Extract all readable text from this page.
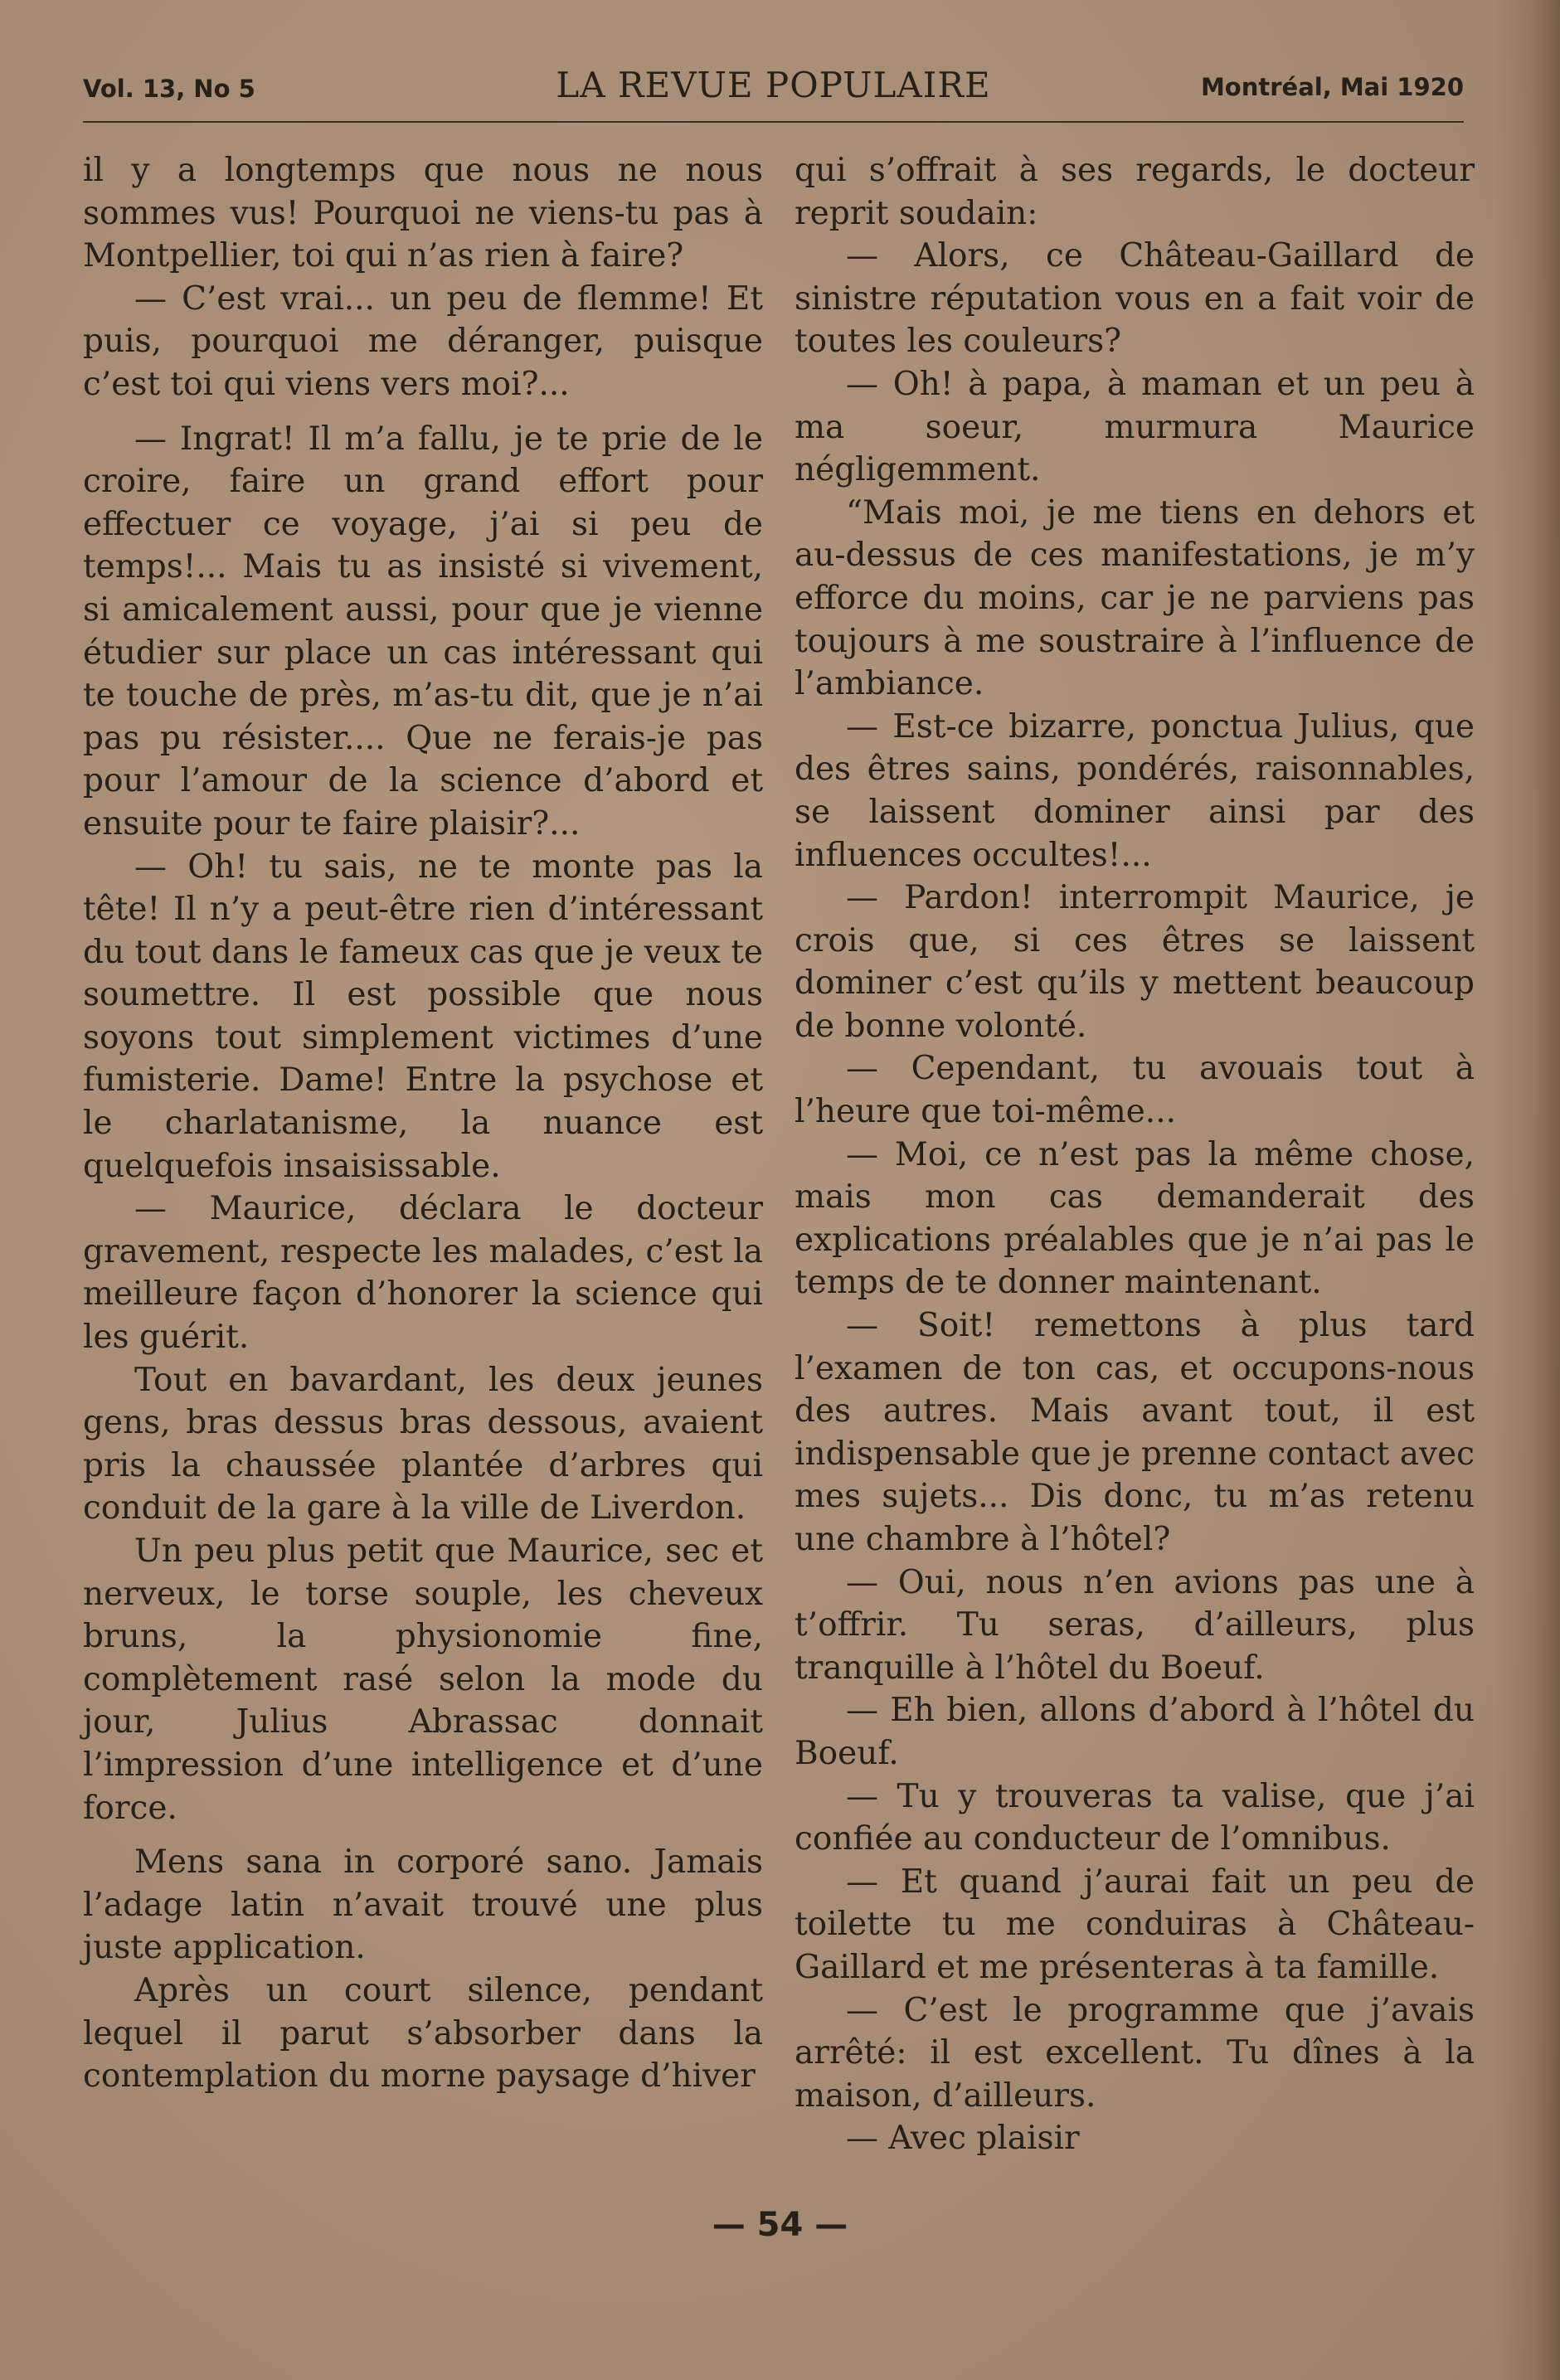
Vol. 13, No 5	LA REVUE POPULAIRE	Montréal, Mai 1920

il y a longtemps que nous ne nous sommes vus! Pourquoi ne viens-tu pas à Montpellier, toi qui n’as rien à faire?

— C’est vrai... un peu de flemme! Et puis, pourquoi me déranger, puisque c’est toi qui viens vers moi?...

— Ingrat! Il m’a fallu, je te prie de le croire, faire un grand effort pour effectuer ce voyage, j’ai si peu de temps!... Mais tu as insisté si vivement, si amicalement aussi, pour que je vienne étudier sur place un cas intéressant qui te touche de près, m’as-tu dit, que je n’ai pas pu résister.... Que ne ferais-je pas pour l’amour de la science d’abord et ensuite pour te faire plaisir?...

— Oh! tu sais, ne te monte pas la tête! Il n’y a peut-être rien d’intéressant du tout dans le fameux cas que je veux te soumettre. Il est possible que nous soyons tout simplement victimes d’une fumisterie. Dame! Entre la psychose et le charlatanisme, la nuance est quelquefois insaisissable.

— Maurice, déclara le docteur gravement, respecte les malades, c’est la meilleure façon d’honorer la science qui les guérit.

Tout en bavardant, les deux jeunes gens, bras dessus bras dessous, avaient pris la chaussée plantée d’arbres qui conduit de la gare à la ville de Liverdon.

Un peu plus petit que Maurice, sec et nerveux, le torse souple, les cheveux bruns, la physionomie fine, complètement rasé selon la mode du jour, Julius Abrassac donnait l’impression d’une intelligence et d’une force.

Mens sana in corporé sano. Jamais l’adage latin n’avait trouvé une plus juste application.

Après un court silence, pendant lequel il parut s’absorber dans la contemplation du morne paysage d’hiver

qui s’offrait à ses regards, le docteur reprit soudain:

— Alors, ce Château-Gaillard de sinistre réputation vous en a fait voir de toutes les couleurs?

— Oh! à papa, à maman et un peu à ma soeur, murmura Maurice négligemment.

“Mais moi, je me tiens en dehors et au-dessus de ces manifestations, je m’y efforce du moins, car je ne parviens pas toujours à me soustraire à l’influence de l’ambiance.

— Est-ce bizarre, ponctua Julius, que des êtres sains, pondérés, raisonnables, se laissent dominer ainsi par des influences occultes!...

— Pardon! interrompit Maurice, je crois que, si ces êtres se laissent dominer c’est qu’ils y mettent beaucoup de bonne volonté.

— Cependant, tu avouais tout à l’heure que toi-même...

— Moi, ce n’est pas la même chose, mais mon cas demanderait des explications préalables que je n’ai pas le temps de te donner maintenant.

— Soit! remettons à plus tard l’examen de ton cas, et occupons-nous des autres. Mais avant tout, il est indispensable que je prenne contact avec mes sujets... Dis donc, tu m’as retenu une chambre à l’hôtel?

— Oui, nous n’en avions pas une à t’offrir. Tu seras, d’ailleurs, plus tranquille à l’hôtel du Boeuf.

— Eh bien, allons d’abord à l’hôtel du Boeuf.

— Tu y trouveras ta valise, que j’ai confiée au conducteur de l’omnibus.

— Et quand j’aurai fait un peu de toilette tu me conduiras à Château-Gaillard et me présenteras à ta famille.

— C’est le programme que j’avais arrêté: il est excellent. Tu dînes à la maison, d’ailleurs.

— Avec plaisir

— 54 —
